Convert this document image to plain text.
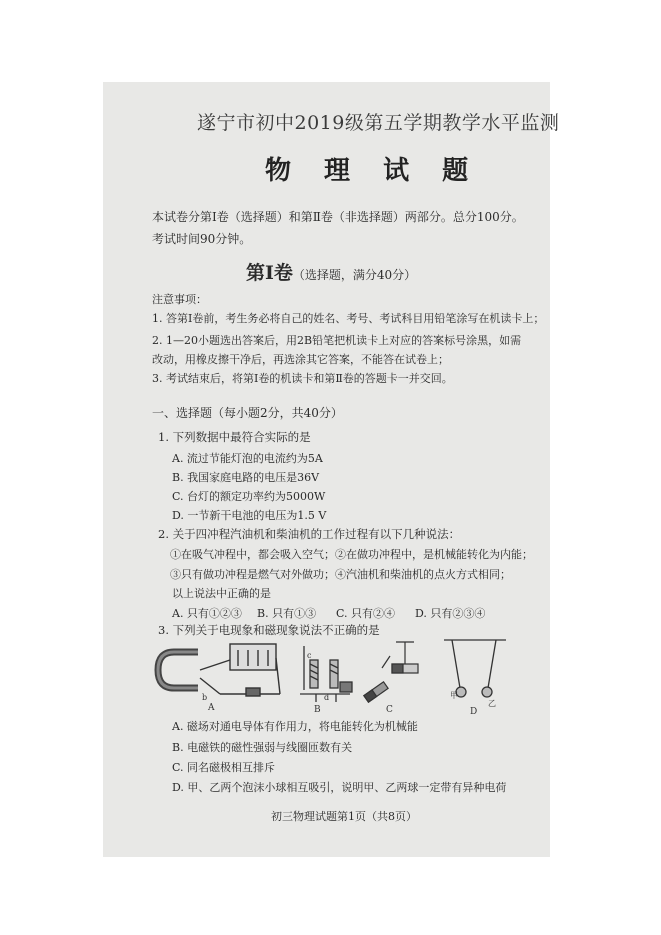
遂宁市初中2019级第五学期教学水平监测
物 理 试 题
本试卷分第Ⅰ卷（选择题）和第Ⅱ卷（非选择题）两部分。总分100分。考试时间90分钟。
第Ⅰ卷（选择题，满分40分）
注意事项：
1. 答第Ⅰ卷前，考生务必将自己的姓名、考号、考试科目用铅笔涂写在机读卡上；
2. 1—20小题选出答案后，用2B铅笔把机读卡上对应的答案标号涂黑，如需改动，用橡皮擦干净后，再选涂其它答案，不能答在试卷上；
3. 考试结束后，将第Ⅰ卷的机读卡和第Ⅱ卷的答题卡一并交回。
一、选择题（每小题2分，共40分）
1. 下列数据中最符合实际的是
A. 流过节能灯泡的电流约为5A
B. 我国家庭电路的电压是36V
C. 台灯的额定功率约为5000W
D. 一节新干电池的电压为1.5 V
2. 关于四冲程汽油机和柴油机的工作过程有以下几种说法：
①在吸气冲程中，都会吸入空气；②在做功冲程中，是机械能转化为内能；
③只有做功冲程是燃气对外做功；④汽油机和柴油机的点火方式相同；
以上说法中正确的是
A. 只有①②③ B. 只有①③ C. 只有②④ D. 只有②③④
3. 下列关于电现象和磁现象说法不正确的是
A
b
c
d
B	C
甲
乙
D
A. 磁场对通电导体有作用力，将电能转化为机械能
B. 电磁铁的磁性强弱与线圈匝数有关
C. 同名磁极相互排斥
D. 甲、乙两个泡沫小球相互吸引，说明甲、乙两球一定带有异种电荷
初三物理试题第1页（共8页）
